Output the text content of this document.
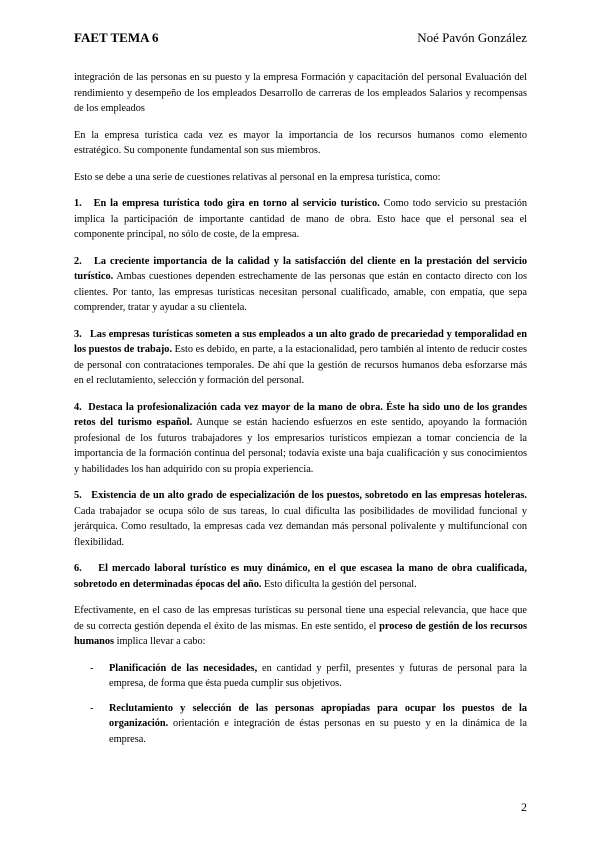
FAET TEMA 6	Noé Pavón González

integración de las personas en su puesto y la empresa Formación y capacitación del personal Evaluación del rendimiento y desempeño de los empleados Desarrollo de carreras de los empleados Salarios y recompensas de los empleados

En la empresa turística cada vez es mayor la importancia de los recursos humanos como elemento estratégico. Su componente fundamental son sus miembros.

Esto se debe a una serie de cuestiones relativas al personal en la empresa turística, como:

1. En la empresa turística todo gira en torno al servicio turístico. Como todo servicio su prestación implica la participación de importante cantidad de mano de obra. Esto hace que el personal sea el componente principal, no sólo de coste, de la empresa.
2. La creciente importancia de la calidad y la satisfacción del cliente en la prestación del servicio turístico. Ambas cuestiones dependen estrechamente de las personas que están en contacto directo con los clientes. Por tanto, las empresas turísticas necesitan personal cualificado, amable, con empatía, que sepa comprender, tratar y ayudar a su clientela.
3. Las empresas turísticas someten a sus empleados a un alto grado de precariedad y temporalidad en los puestos de trabajo. Esto es debido, en parte, a la estacionalidad, pero también al intento de reducir costes de personal con contrataciones temporales. De ahí que la gestión de recursos humanos deba esforzarse más en el reclutamiento, selección y formación del personal.
4. Destaca la profesionalización cada vez mayor de la mano de obra. Éste ha sido uno de los grandes retos del turismo español. Aunque se están haciendo esfuerzos en este sentido, apoyando la formación profesional de los futuros trabajadores y los empresarios turísticos empiezan a tomar conciencia de la importancia de la formación continua del personal; todavía existe una baja cualificación y sus conocimientos y habilidades los han adquirido con su propia experiencia.
5. Existencia de un alto grado de especialización de los puestos, sobretodo en las empresas hoteleras. Cada trabajador se ocupa sólo de sus tareas, lo cual dificulta las posibilidades de movilidad funcional y jerárquica. Como resultado, la empresas cada vez demandan más personal polivalente y multifuncional con flexibilidad.
6. El mercado laboral turístico es muy dinámico, en el que escasea la mano de obra cualificada, sobretodo en determinadas épocas del año. Esto dificulta la gestión del personal.

Efectivamente, en el caso de las empresas turísticas su personal tiene una especial relevancia, que hace que de su correcta gestión dependa el éxito de las mismas. En este sentido, el proceso de gestión de los recursos humanos implica llevar a cabo:

- Planificación de las necesidades, en cantidad y perfil, presentes y futuras de personal para la empresa, de forma que ésta pueda cumplir sus objetivos.
- Reclutamiento y selección de las personas apropiadas para ocupar los puestos de la organización. orientación e integración de éstas personas en su puesto y en la dinámica de la empresa.
2
